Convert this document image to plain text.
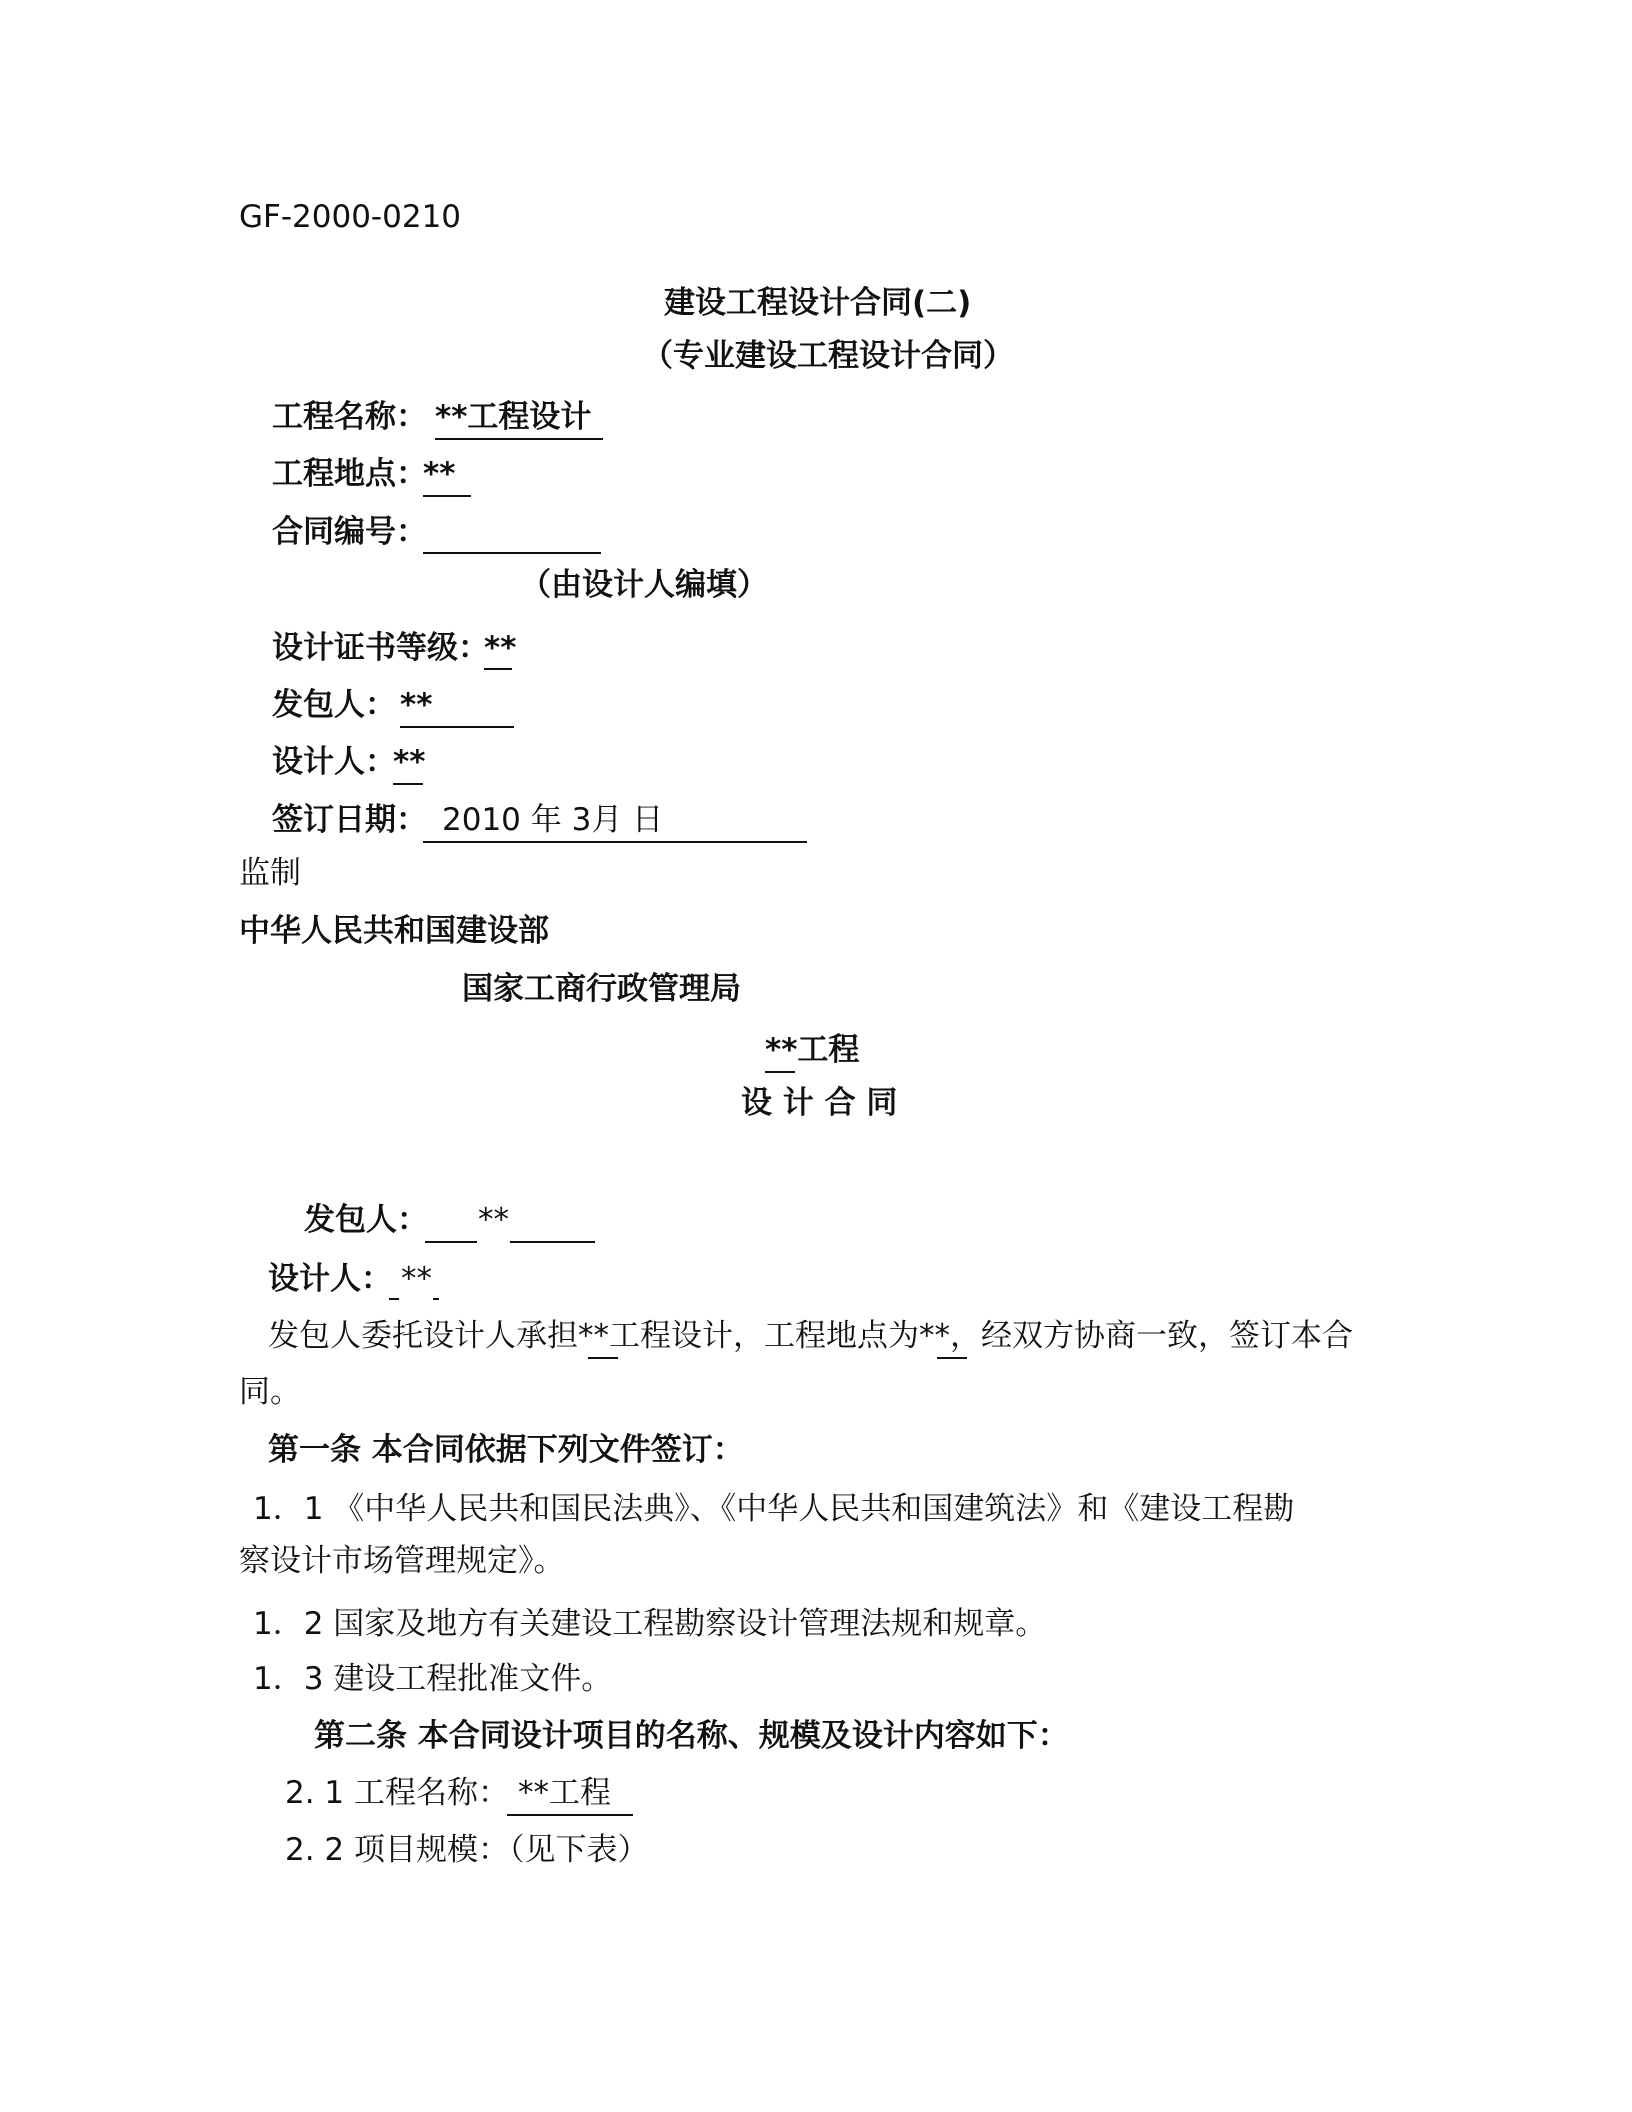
GF-2000-0210
建设工程设计合同(二)
（专业建设工程设计合同）
工程名称： **工程设计
工程地点：
**
合同编号：
（由设计人编填）
设计证书等级：
**
发包人： **
设计人：
**
签订日期： 2010 年 3月 日
监制
中华人民共和国建设部
国家工商行政管理局
**工程
设 计 合 同
发包人： **
设计人： **
发包人委托设计人承担**工程设计，工程地点为**，经双方协商一致，签订本合
同。
第一条 本合同依据下列文件签订：
1．1 《中华人民共和国民法典》、《中华人民共和国建筑法》和《建设工程勘
察设计市场管理规定》。
1．2 国家及地方有关建设工程勘察设计管理法规和规章。
1．3 建设工程批准文件。
第二条 本合同设计项目的名称、规模及设计内容如下：
2. 1 工程名称： **工程
2. 2 项目规模：（见下表）
